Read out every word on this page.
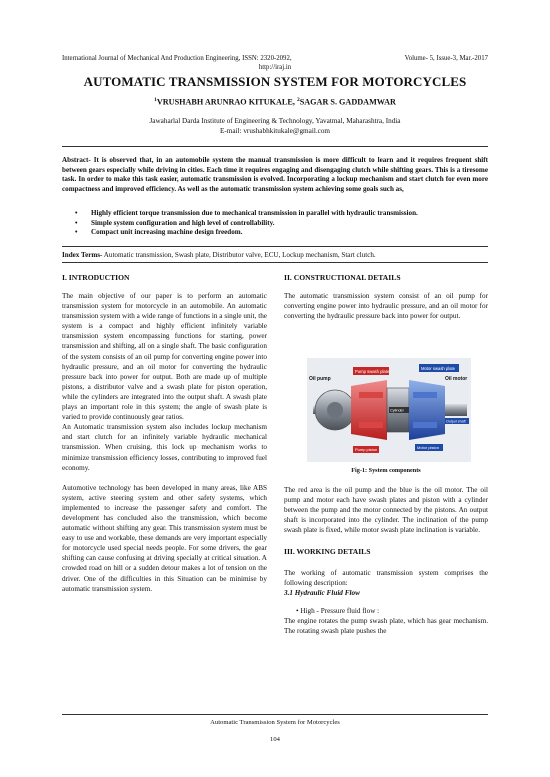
International Journal of Mechanical And Production Engineering, ISSN: 2320-2092,	Volume- 5, Issue-3, Mar.-2017
http://iraj.in
AUTOMATIC TRANSMISSION SYSTEM FOR MOTORCYCLES
$^1$VRUSHABH ARUNRAO KITUKALE, $^2$SAGAR S. GADDAMWAR
Jawaharlal Darda Institute of Engineering & Technology, Yavatmal, Maharashtra, India
E-mail: vrushabhkitukale@gmail.com
Abstract- It is observed that, in an automobile system the manual transmission is more difficult to learn and it requires frequent shift between gears especially while driving in cities. Each time it requires engaging and disengaging clutch while shifting gears. This is a tiresome task. In order to make this task easier, automatic transmission is evolved. Incorporating a lockup mechanism and start clutch for even more compactness and improved efficiency. As well as the automatic transmission system achieving some goals such as,
• Highly efficient torque transmission due to mechanical transmission in parallel with hydraulic transmission.
• Simple system configuration and high level of controllability.
• Compact unit increasing machine design freedom.
Index Terms- Automatic transmission, Swash plate, Distributor valve, ECU, Lockup mechanism, Start clutch.
I. INTRODUCTION

The main objective of our paper is to perform an automatic transmission system for motorcycle in an automobile. An automatic transmission system with a wide range of functions in a single unit, the system is a compact and highly efficient infinitely variable transmission system encompassing functions for starting, power transmission and shifting, all on a single shaft. The basic configuration of the system consists of an oil pump for converting engine power into hydraulic pressure, and an oil motor for converting the hydraulic pressure back into power for output. Both are made up of multiple pistons, a distributor valve and a swash plate for piston operation, while the cylinders are integrated into the output shaft. A swash plate plays an important role in this system; the angle of swash plate is varied to provide continuously gear ratios.

An Automatic transmission system also includes lockup mechanism and start clutch for an infinitely variable hydraulic mechanical transmission. When cruising, this lock up mechanism works to minimize transmission efficiency losses, contributing to improved fuel economy.

Automotive technology has been developed in many areas, like ABS system, active steering system and other safety systems, which implemented to increase the passenger safety and comfort. The development has concluded also the transmission, which become automatic without shifting any gear. This transmission system must be easy to use and workable, these demands are very important especially for motorcycle used special needs people. For some drivers, the gear shifting can cause confusing at driving specially at critical situation. A crowded road on hill or a sudden detour makes a lot of tension on the driver. One of the difficulties in this Situation can be minimise by automatic transmission system.

II. CONSTRUCTIONAL DETAILS
The automatic transmission system consist of an oil pump for converting engine power into hydraulic pressure, and an oil motor for converting the hydraulic pressure back into power for output.
Pump swash plate
Motor swash plate
Oil pump	Oil motor
Cylinder
Output shaft
Pump piston	Motor piston
Fig-1: System components

The red area is the oil pump and the blue is the oil motor. The oil pump and motor each have swash plates and piston with a cylinder between the pump and the motor connected by the pistons. An output shaft is incorporated into the cylinder. The inclination of the pump swash plate is fixed, while motor swash plate inclination is variable.

III. WORKING DETAILS

The working of automatic transmission system comprises the following description:

3.1 Hydraulic Fluid Flow

• High - Pressure fluid flow :

The engine rotates the pump swash plate, which has gear mechanism. The rotating swash plate pushes the

Automatic Transmission System for Motorcycles
104
